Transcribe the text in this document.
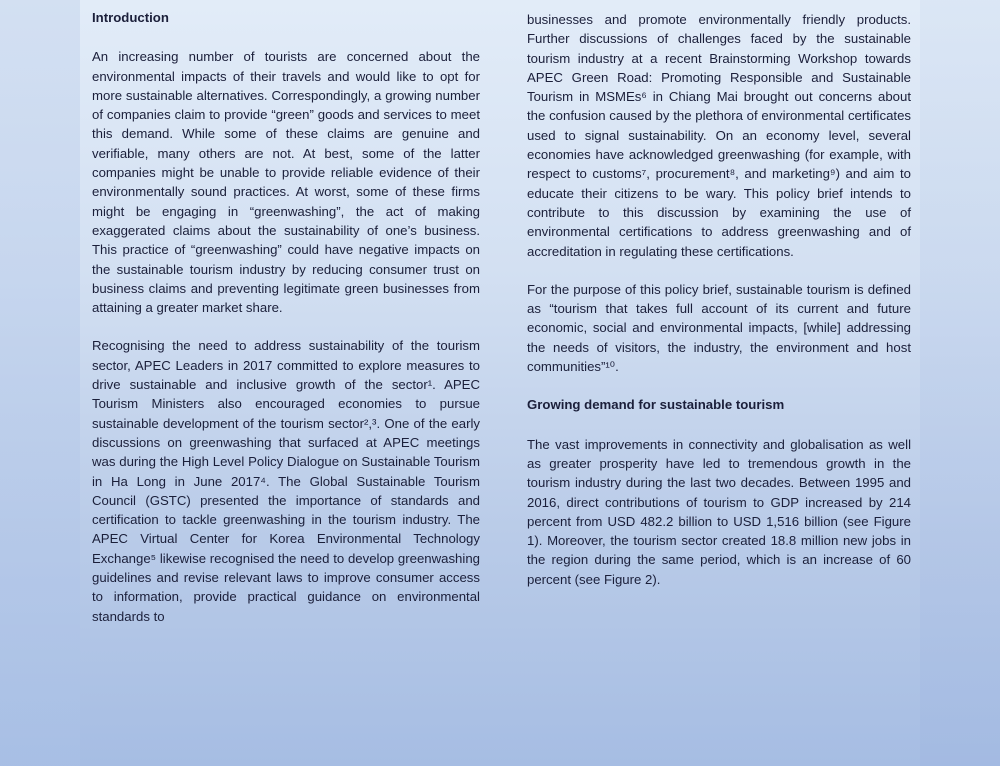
Introduction

An increasing number of tourists are concerned about the environmental impacts of their travels and would like to opt for more sustainable alternatives. Correspondingly, a growing number of companies claim to provide “green” goods and services to meet this demand. While some of these claims are genuine and verifiable, many others are not. At best, some of the latter companies might be unable to provide reliable evidence of their environmentally sound practices. At worst, some of these firms might be engaging in “greenwashing”, the act of making exaggerated claims about the sustainability of one’s business. This practice of “greenwashing” could have negative impacts on the sustainable tourism industry by reducing consumer trust on business claims and preventing legitimate green businesses from attaining a greater market share.

Recognising the need to address sustainability of the tourism sector, APEC Leaders in 2017 committed to explore measures to drive sustainable and inclusive growth of the sector¹. APEC Tourism Ministers also encouraged economies to pursue sustainable development of the tourism sector²,³. One of the early discussions on greenwashing that surfaced at APEC meetings was during the High Level Policy Dialogue on Sustainable Tourism in Ha Long in June 2017⁴. The Global Sustainable Tourism Council (GSTC) presented the importance of standards and certification to tackle greenwashing in the tourism industry. The APEC Virtual Center for Korea Environmental Technology Exchange⁵ likewise recognised the need to develop greenwashing guidelines and revise relevant laws to improve consumer access to information, provide practical guidance on environmental standards to

businesses and promote environmentally friendly products. Further discussions of challenges faced by the sustainable tourism industry at a recent Brainstorming Workshop towards APEC Green Road: Promoting Responsible and Sustainable Tourism in MSMEs⁶ in Chiang Mai brought out concerns about the confusion caused by the plethora of environmental certificates used to signal sustainability. On an economy level, several economies have acknowledged greenwashing (for example, with respect to customs⁷, procurement⁸, and marketing⁹) and aim to educate their citizens to be wary. This policy brief intends to contribute to this discussion by examining the use of environmental certifications to address greenwashing and of accreditation in regulating these certifications.

For the purpose of this policy brief, sustainable tourism is defined as “tourism that takes full account of its current and future economic, social and environmental impacts, [while] addressing the needs of visitors, the industry, the environment and host communities”¹⁰.

Growing demand for sustainable tourism

The vast improvements in connectivity and globalisation as well as greater prosperity have led to tremendous growth in the tourism industry during the last two decades. Between 1995 and 2016, direct contributions of tourism to GDP increased by 214 percent from USD 482.2 billion to USD 1,516 billion (see Figure 1). Moreover, the tourism sector created 18.8 million new jobs in the region during the same period, which is an increase of 60 percent (see Figure 2).
